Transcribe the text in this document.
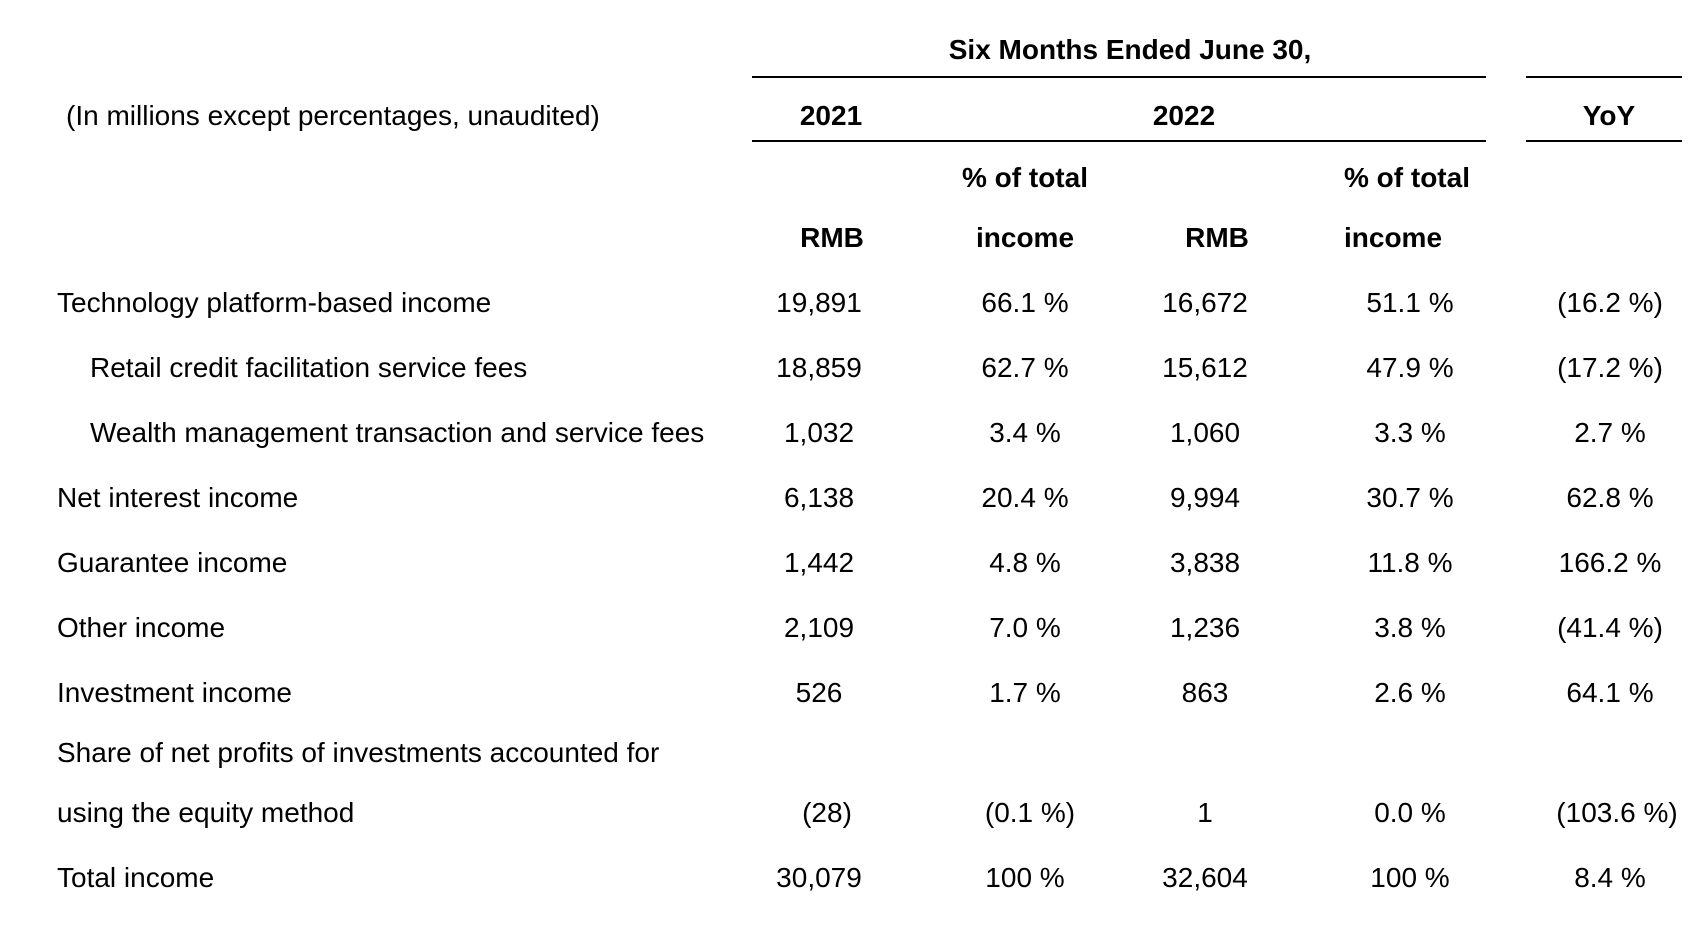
Six Months Ended June 30,
(In millions except percentages, unaudited)	2021	2022	YoY
% of total	% of total
RMB	income	RMB	income
Technology platform-based income	19,891	66.1 %	16,672	51.1 %	(16.2 %)
Retail credit facilitation service fees	18,859	62.7 %	15,612	47.9 %	(17.2 %)
Wealth management transaction and service fees	1,032	3.4 %	1,060	3.3 %	2.7 %
Net interest income	6,138	20.4 %	9,994	30.7 %	62.8 %
Guarantee income	1,442	4.8 %	3,838	11.8 %	166.2 %
Other income	2,109	7.0 %	1,236	3.8 %	(41.4 %)
Investment income	526	1.7 %	863	2.6 %	64.1 %
Share of net profits of investments accounted for
using the equity method	(28)	(0.1 %)	1	0.0 %	(103.6 %)
Total income	30,079	100 %	32,604	100 %	8.4 %
